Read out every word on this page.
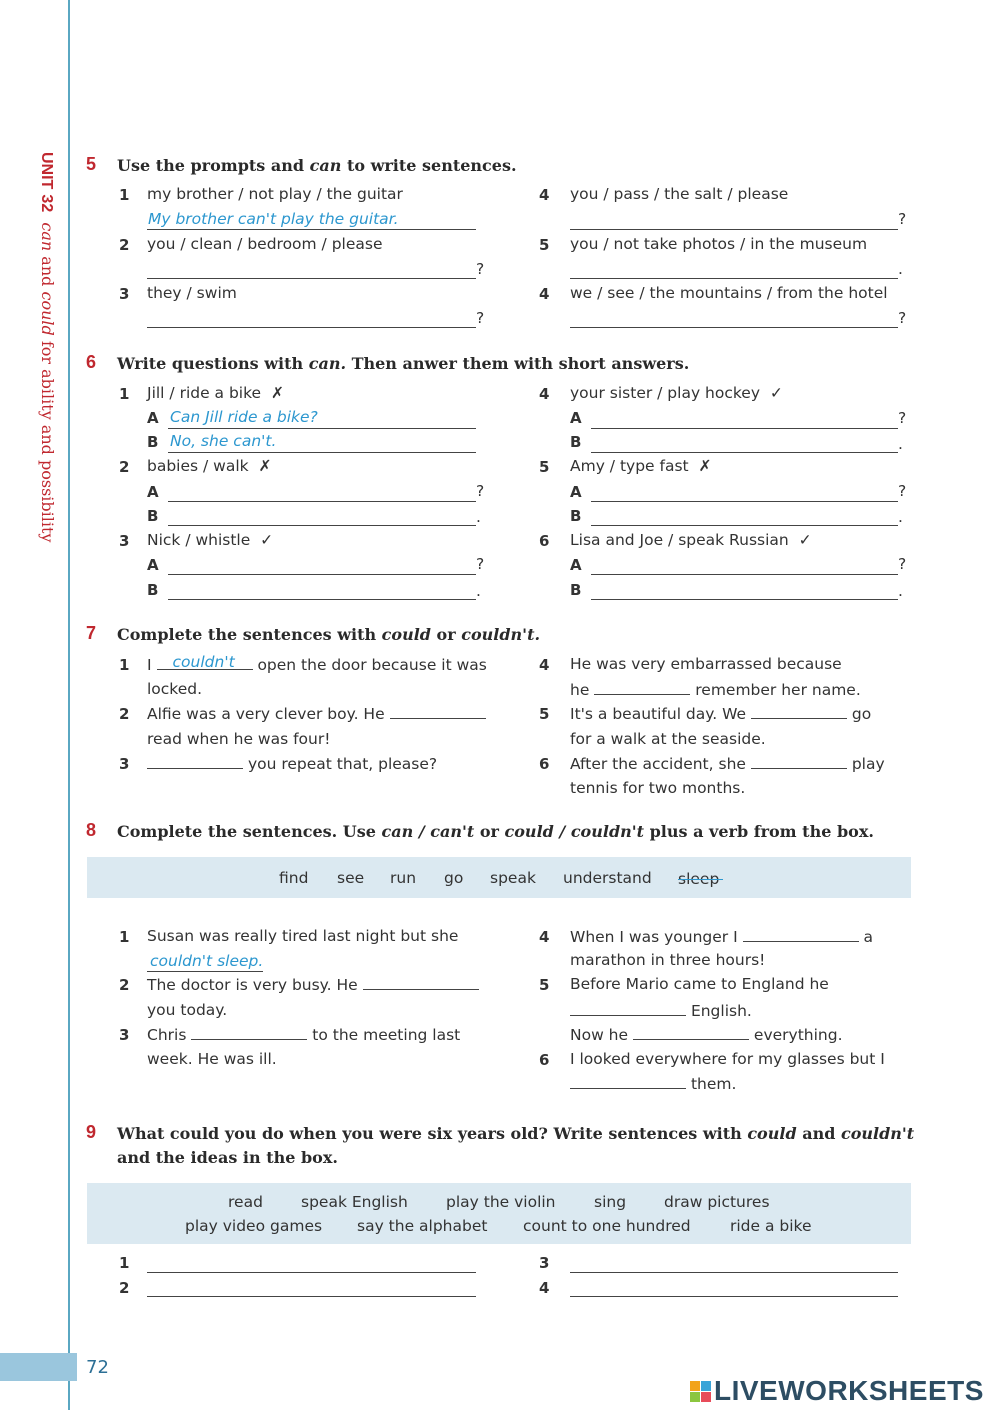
UNIT 32  can and could for ability and possibility
5 Use the prompts and can to write sentences.
1 my brother / not play / the guitar
My brother can't play the guitar.
2 you / clean / bedroom / please
?
3 they / swim
?
4 you / pass / the salt / please
?
5 you / not take photos / in the museum
.
4 we / see / the mountains / from the hotel
?
6 Write questions with can. Then anwer them with short answers.
1 Jill / ride a bike ✗
A Can Jill ride a bike?
B No, she can't.
2 babies / walk ✗
A	?
B	.
3 Nick / whistle ✓
A	?
B	.
4 your sister / play hockey ✓
A	?
B	.
5 Amy / type fast ✗
A	?
B	.
6 Lisa and Joe / speak Russian ✓
A	?
B	.
7 Complete the sentences with could or couldn't.
1 I couldn't open the door because it was
locked.
2 Alfie was a very clever boy. He
read when he was four!
3	you repeat that, please?
4 He was very embarrassed because
he	remember her name.
5 It's a beautiful day. We	go
for a walk at the seaside.
6 After the accident, she	play
tennis for two months.
8 Complete the sentences. Use can / can't or could / couldn't plus a verb from the box.
find see run go speak understand sleep
1 Susan was really tired last night but she
couldn't sleep.
2 The doctor is very busy. He
you today.
3 Chris	to the meeting last
week. He was ill.
4 When I was younger I	a
marathon in three hours!
5 Before Mario came to England he
English.
Now he	everything.
6 I looked everywhere for my glasses but I
them.
9 What could you do when you were six years old? Write sentences with could and couldn't
and the ideas in the box.
read speak English play the violin sing draw pictures
play video games say the alphabet count to one hundred	ride a bike
1
2
3
4
72
LIVEWORKSHEETS
